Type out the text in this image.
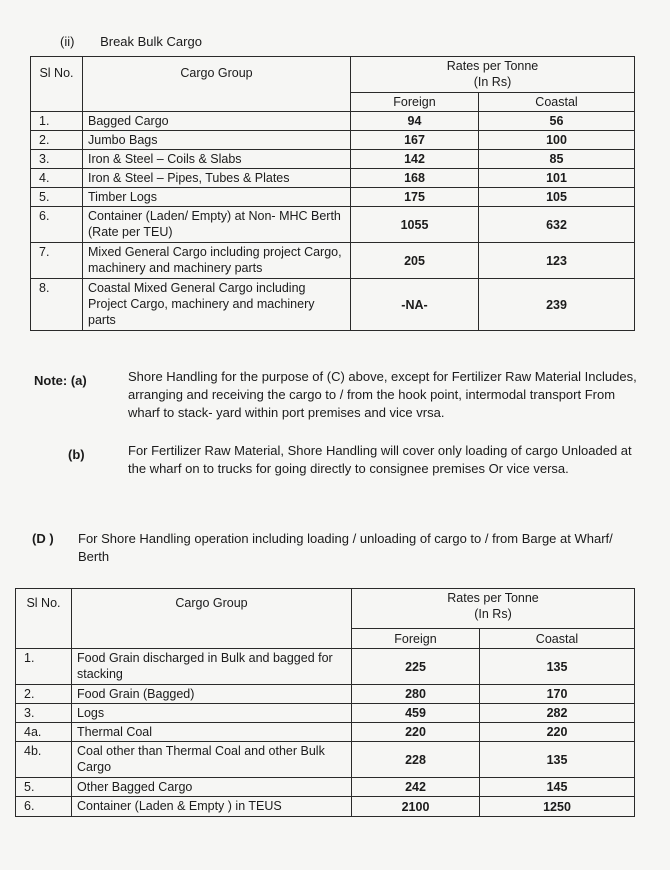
(ii) Break Bulk Cargo
Sl No.	Cargo Group	Rates per Tonne
(In Rs)	

		Foreign	Coastal
1.	Bagged Cargo	94	56
2.	Jumbo Bags	167	100
3.	Iron & Steel – Coils & Slabs	142	85
4.	Iron & Steel – Pipes, Tubes & Plates	168	101
5.	Timber Logs	175	105
6.	Container (Laden/ Empty) at Non- MHC Berth (Rate per TEU)	1055	632
7.	Mixed General Cargo including project Cargo, machinery and machinery parts	205	123
8.	Coastal Mixed General Cargo including Project Cargo, machinery and machinery parts	-NA-	239
Note: (a)	Shore Handling for the purpose of (C) above, except for Fertilizer Raw Material Includes, arranging and receiving the cargo to / from the hook point, intermodal transport From wharf to stack- yard within port premises and vice vrsa.
(b)	For Fertilizer Raw Material, Shore Handling will cover only loading of cargo Unloaded at the wharf on to trucks for going directly to consignee premises Or vice versa.
(D ) For Shore Handling operation including loading / unloading of cargo to / from Barge at Wharf/ Berth
Sl No.	Cargo Group	Rates per Tonne
(In Rs)	

		Foreign	Coastal
1.	Food Grain discharged in Bulk and bagged for stacking	225	135
2.	Food Grain (Bagged)	280	170
3.	Logs	459	282
4a.	Thermal Coal	220	220
4b.	Coal other than Thermal Coal and other Bulk Cargo	228	135
5.	Other Bagged Cargo	242	145
6.	Container (Laden & Empty ) in TEUS	2100	1250
